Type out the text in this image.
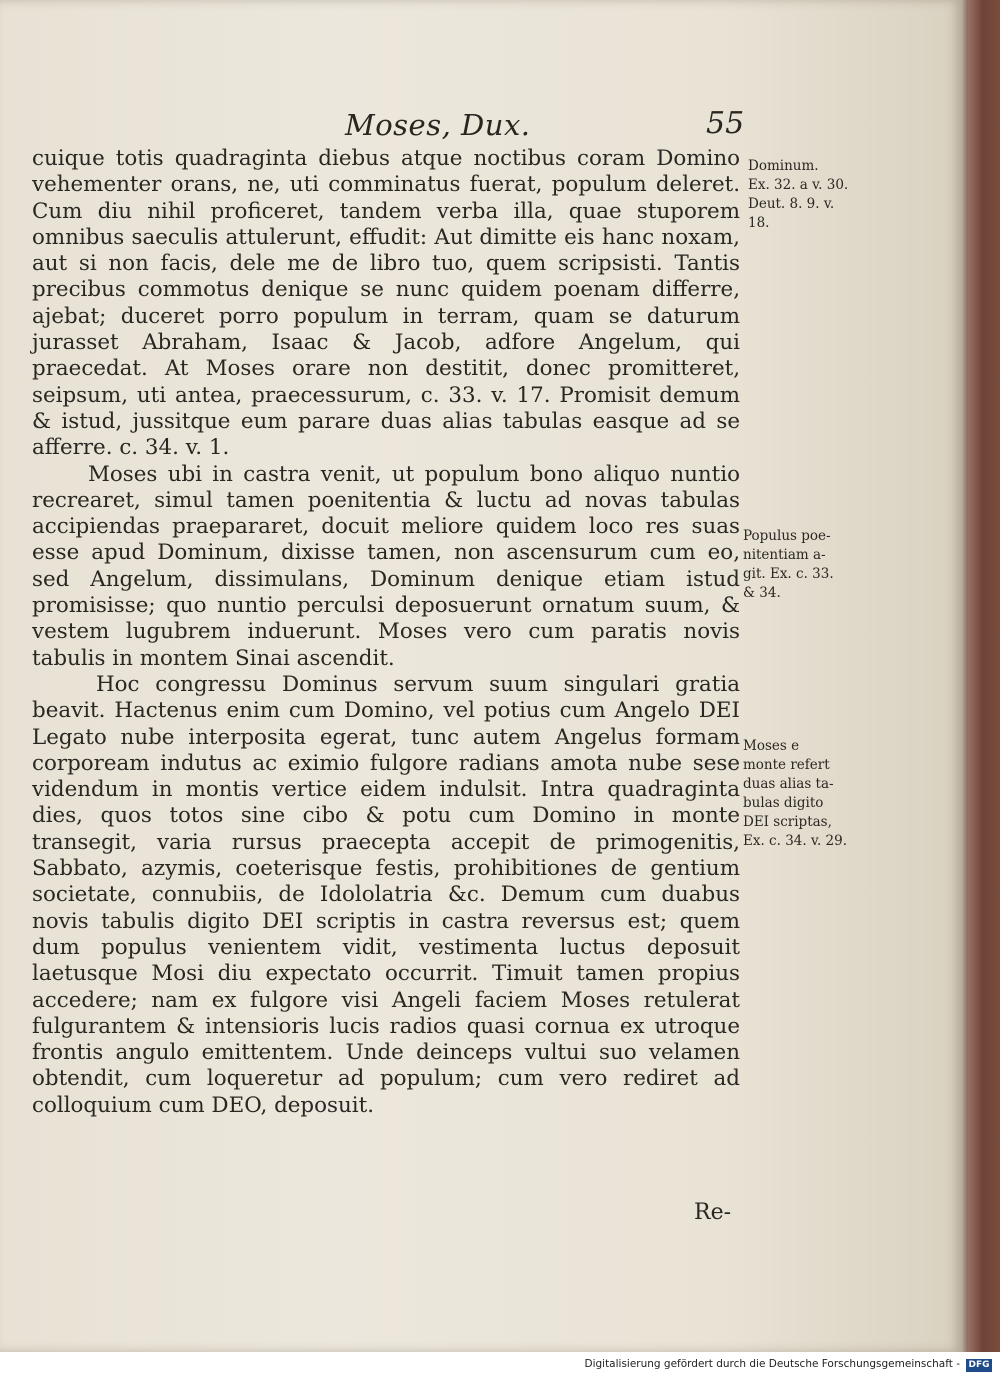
Moses, Dux.	55

cuique totis quadraginta diebus atque noctibus coram Domino vehementer orans, ne, uti comminatus fuerat, populum deleret. Cum diu nihil proficeret, tandem verba illa, quae stuporem omnibus saeculis attulerunt, effudit: Aut dimitte eis hanc noxam, aut si non facis, dele me de libro tuo, quem scripsisti. Tantis precibus commotus denique se nunc quidem poenam differre, ajebat; duceret porro populum in terram, quam se daturum jurasset Abraham, Isaac & Jacob, adfore Angelum, qui praecedat. At Moses orare non destitit, donec promitteret, seipsum, uti antea, praecessurum, c. 33. v. 17. Promisit demum & istud, jussitque eum parare duas alias tabulas easque ad se afferre. c. 34. v. 1.

Moses ubi in castra venit, ut populum bono aliquo nuntio recrearet, simul tamen poenitentia & luctu ad novas tabulas accipiendas praepararet, docuit meliore quidem loco res suas esse apud Dominum, dixisse tamen, non ascensurum cum eo, sed Angelum, dissimulans, Dominum denique etiam istud promisisse; quo nuntio perculsi deposuerunt ornatum suum, & vestem lugubrem induerunt. Moses vero cum paratis novis tabulis in montem Sinai ascendit.

Hoc congressu Dominus servum suum singulari gratia beavit. Hactenus enim cum Domino, vel potius cum Angelo DEI Legato nube interposita egerat, tunc autem Angelus formam corpoream indutus ac eximio fulgore radians amota nube sese videndum in montis vertice eidem indulsit. Intra quadraginta dies, quos totos sine cibo & potu cum Domino in monte transegit, varia rursus praecepta accepit de primogenitis, Sabbato, azymis, coeterisque festis, prohibitiones de gentium societate, connubiis, de Idololatria &c. Demum cum duabus novis tabulis digito DEI scriptis in castra reversus est; quem dum populus venientem vidit, vestimenta luctus deposuit laetusque Mosi diu expectato occurrit. Timuit tamen propius accedere; nam ex fulgore visi Angeli faciem Moses retulerat fulgurantem & intensioris lucis radios quasi cornua ex utroque frontis angulo emittentem. Unde deinceps vultui suo velamen obtendit, cum loqueretur ad populum; cum vero rediret ad colloquium cum DEO, deposuit.

Dominum.
Ex. 32. a v. 30.
Deut. 8. 9. v.
18.
Populus poe-
nitentiam a-
git. Ex. c. 33.
& 34.
Moses e
monte refert
duas alias ta-
bulas digito
DEI scriptas,
Ex. c. 34. v. 29.
Re-
Digitalisierung gefördert durch die Deutsche Forschungsgemeinschaft - DFG
